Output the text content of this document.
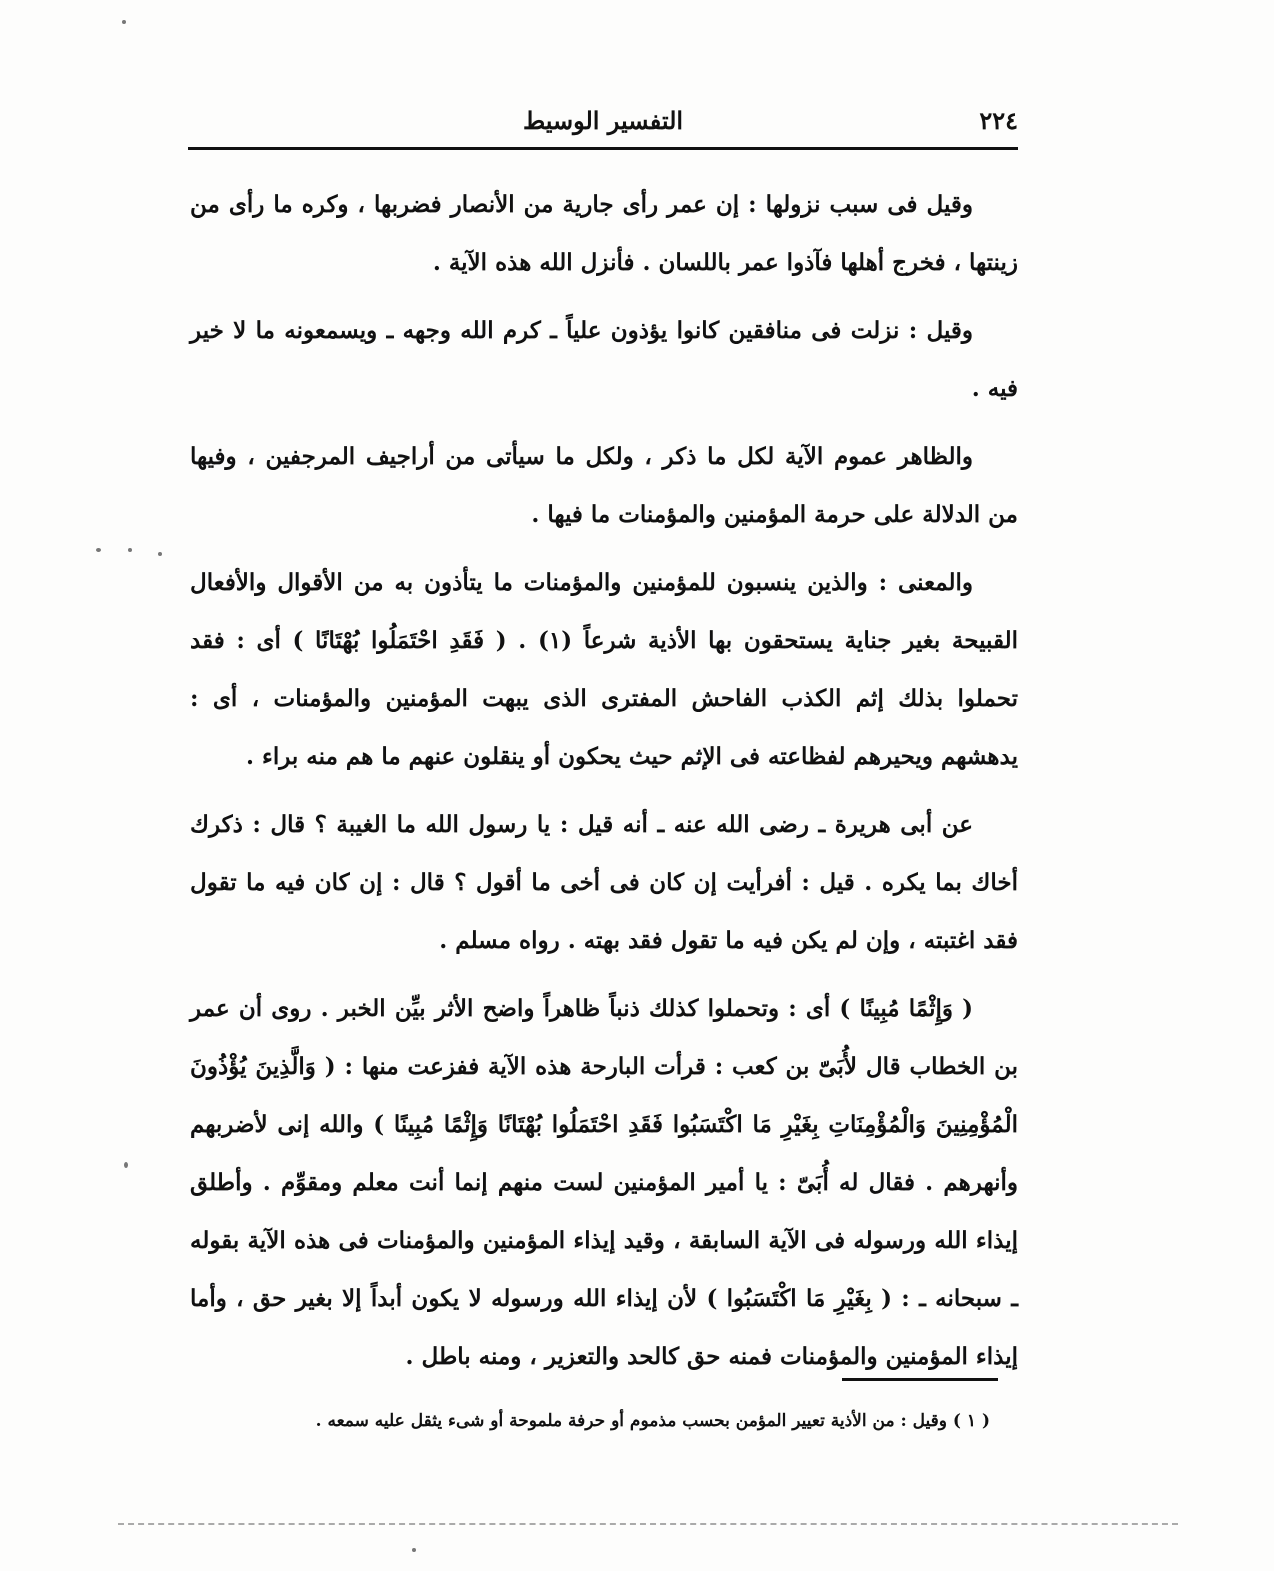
٢٢٤
التفسير الوسيط

وقيل فى سبب نزولها : إن عمر رأى جارية من الأنصار فضربها ، وكره ما رأى من زينتها ، فخرج أهلها فآذوا عمر باللسان . فأنزل الله هذه الآية .

وقيل : نزلت فى منافقين كانوا يؤذون علياً ـ كرم الله وجهه ـ ويسمعونه ما لا خير فيه .

والظاهر عموم الآية لكل ما ذكر ، ولكل ما سيأتى من أراجيف المرجفين ، وفيها من الدلالة على حرمة المؤمنين والمؤمنات ما فيها .

والمعنى : والذين ينسبون للمؤمنين والمؤمنات ما يتأذون به من الأقوال والأفعال القبيحة بغير جناية يستحقون بها الأذية شرعاً (١) . ( فَقَدِ احْتَمَلُوا بُهْتَانًا ) أى : فقد تحملوا بذلك إثم الكذب الفاحش المفترى الذى يبهت المؤمنين والمؤمنات ، أى : يدهشهم ويحيرهم لفظاعته فى الإثم حيث يحكون أو ينقلون عنهم ما هم منه براء .

عن أبى هريرة ـ رضى الله عنه ـ أنه قيل : يا رسول الله ما الغيبة ؟ قال : ذكرك أخاك بما يكره . قيل : أفرأيت إن كان فى أخى ما أقول ؟ قال : إن كان فيه ما تقول فقد اغتبته ، وإن لم يكن فيه ما تقول فقد بهته . رواه مسلم .

( وَإِثْمًا مُبِينًا ) أى : وتحملوا كذلك ذنباً ظاهراً واضح الأثر بيِّن الخبر . روى أن عمر بن الخطاب قال لأُبَىّ بن كعب : قرأت البارحة هذه الآية ففزعت منها : ( وَالَّذِينَ يُؤْذُونَ الْمُؤْمِنِينَ وَالْمُؤْمِنَاتِ بِغَيْرِ مَا اكْتَسَبُوا فَقَدِ احْتَمَلُوا بُهْتَانًا وَإِثْمًا مُبِينًا ) والله إنى لأضربهم وأنهرهم . فقال له أُبَىّ : يا أمير المؤمنين لست منهم إنما أنت معلم ومقوِّم . وأطلق إيذاء الله ورسوله فى الآية السابقة ، وقيد إيذاء المؤمنين والمؤمنات فى هذه الآية بقوله ـ سبحانه ـ : ( بِغَيْرِ مَا اكْتَسَبُوا ) لأن إيذاء الله ورسوله لا يكون أبداً إلا بغير حق ، وأما إيذاء المؤمنين والمؤمنات فمنه حق كالحد والتعزير ، ومنه باطل .

( ١ ) وقيل : من الأذية تعيير المؤمن بحسب مذموم أو حرفة ملموحة أو شىء يثقل عليه سمعه .
